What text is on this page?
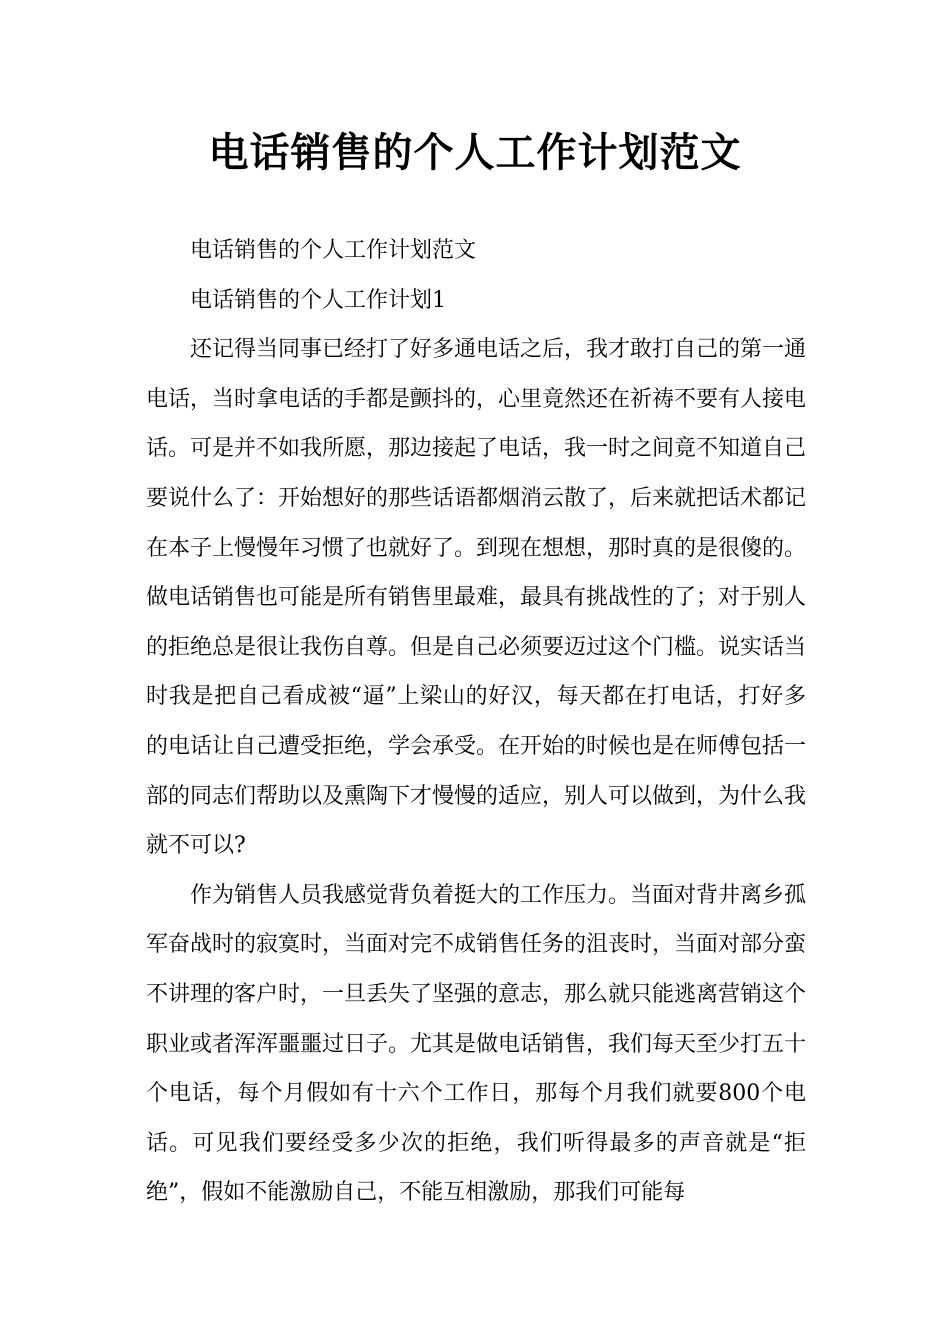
电话销售的个人工作计划范文

电话销售的个人工作计划范文

电话销售的个人工作计划1

还记得当同事已经打了好多通电话之后，我才敢打自己的第一通电话，当时拿电话的手都是颤抖的，心里竟然还在祈祷不要有人接电话。可是并不如我所愿，那边接起了电话，我一时之间竟不知道自己要说什么了：开始想好的那些话语都烟消云散了，后来就把话术都记在本子上慢慢年习惯了也就好了。到现在想想，那时真的是很傻的。做电话销售也可能是所有销售里最难，最具有挑战性的了；对于别人的拒绝总是很让我伤自尊。但是自己必须要迈过这个门槛。说实话当时我是把自己看成被“逼”上梁山的好汉，每天都在打电话，打好多的电话让自己遭受拒绝，学会承受。在开始的时候也是在师傅包括一部的同志们帮助以及熏陶下才慢慢的适应，别人可以做到，为什么我就不可以?

作为销售人员我感觉背负着挺大的工作压力。当面对背井离乡孤军奋战时的寂寞时，当面对完不成销售任务的沮丧时，当面对部分蛮不讲理的客户时，一旦丢失了坚强的意志，那么就只能逃离营销这个职业或者浑浑噩噩过日子。尤其是做电话销售，我们每天至少打五十个电话，每个月假如有十六个工作日，那每个月我们就要800个电话。可见我们要经受多少次的拒绝，我们听得最多的声音就是“拒绝”，假如不能激励自己，不能互相激励，那我们可能每
